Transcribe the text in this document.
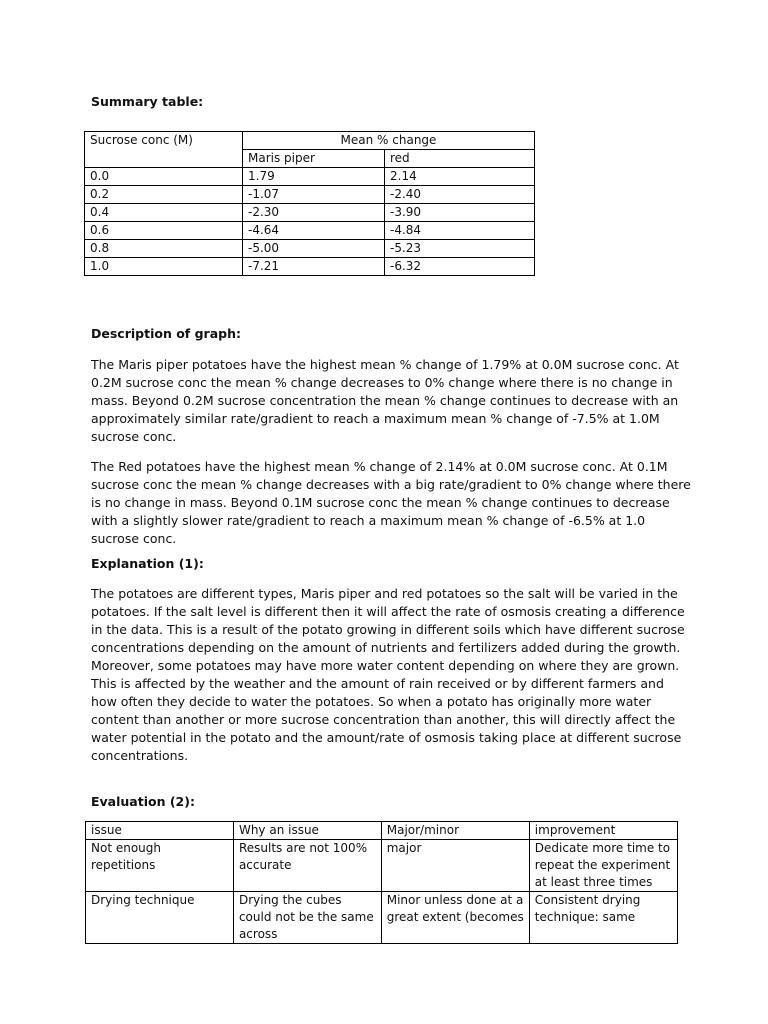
Summary table:
Sucrose conc (M)	Mean % change	
	Maris piper	red
0.0	1.79	2.14
0.2	-1.07	-2.40
0.4	-2.30	-3.90
0.6	-4.64	-4.84
0.8	-5.00	-5.23
1.0	-7.21	-6.32
Description of graph:

The Maris piper potatoes have the highest mean % change of 1.79% at 0.0M sucrose conc. At 0.2M sucrose conc the mean % change decreases to 0% change where there is no change in mass. Beyond 0.2M sucrose concentration the mean % change continues to decrease with an approximately similar rate/gradient to reach a maximum mean % change of -7.5% at 1.0M sucrose conc.

The Red potatoes have the highest mean % change of 2.14% at 0.0M sucrose conc. At 0.1M sucrose conc the mean % change decreases with a big rate/gradient to 0% change where there is no change in mass. Beyond 0.1M sucrose conc the mean % change continues to decrease with a slightly slower rate/gradient to reach a maximum mean % change of -6.5% at 1.0 sucrose conc.

Explanation (1):

The potatoes are different types, Maris piper and red potatoes so the salt will be varied in the potatoes. If the salt level is different then it will affect the rate of osmosis creating a difference in the data. This is a result of the potato growing in different soils which have different sucrose concentrations depending on the amount of nutrients and fertilizers added during the growth. Moreover, some potatoes may have more water content depending on where they are grown. This is affected by the weather and the amount of rain received or by different farmers and how often they decide to water the potatoes. So when a potato has originally more water content than another or more sucrose concentration than another, this will directly affect the water potential in the potato and the amount/rate of osmosis taking place at different sucrose concentrations.

Evaluation (2):
issue	Why an issue	Major/minor	improvement
Not enough repetitions	Results are not 100% accurate	major	Dedicate more time to repeat the experiment at least three times
Drying technique	Drying the cubes could not be the same across	Minor unless done at a great extent (becomes	Consistent drying technique: same
